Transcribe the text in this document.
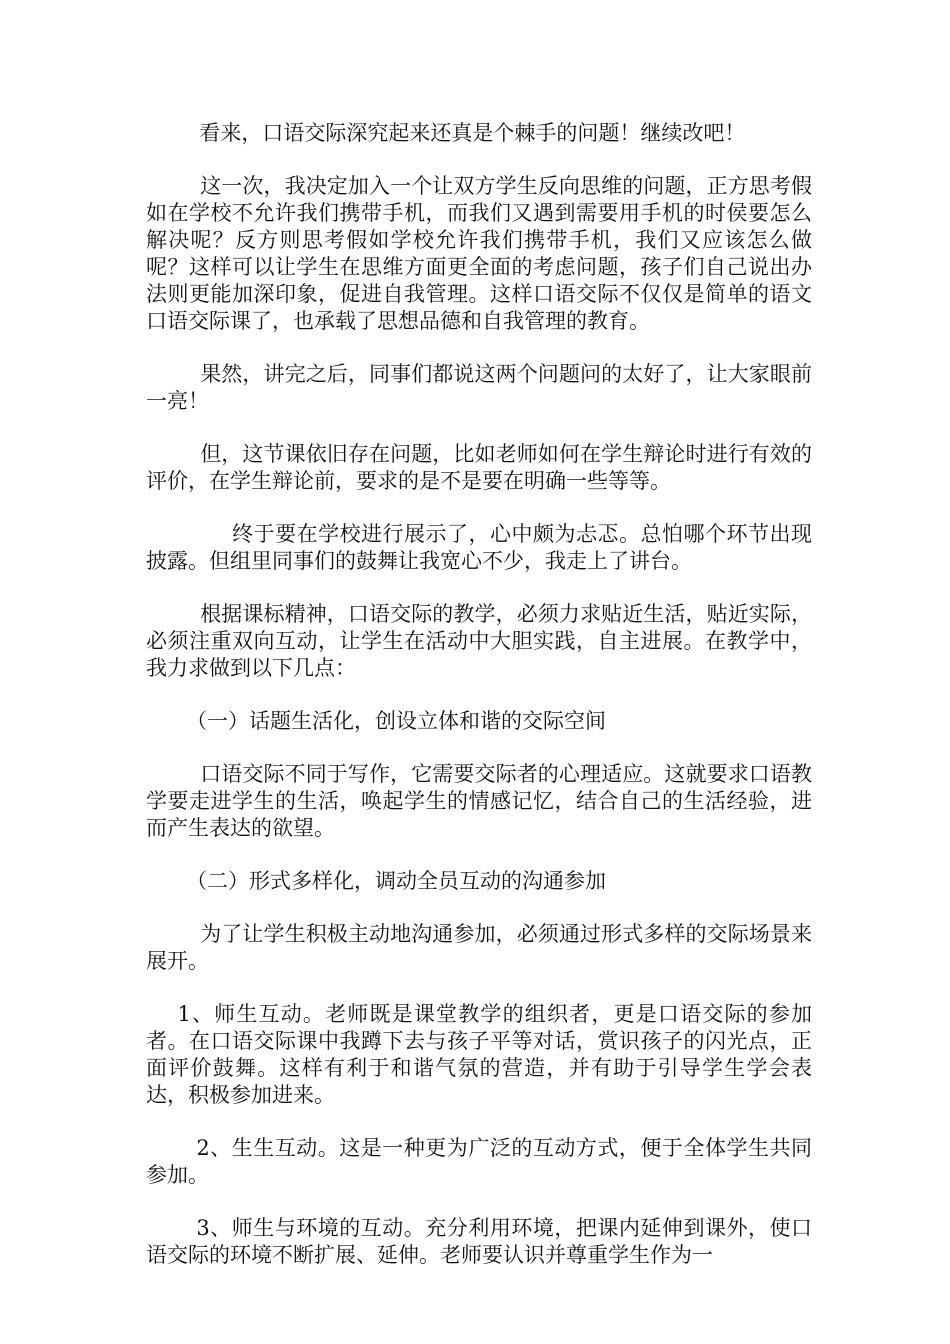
看来，口语交际深究起来还真是个棘手的问题！继续改吧！

这一次，我决定加入一个让双方学生反向思维的问题，正方思考假如在学校不允许我们携带手机，而我们又遇到需要用手机的时侯要怎么解决呢？反方则思考假如学校允许我们携带手机，我们又应该怎么做呢？这样可以让学生在思维方面更全面的考虑问题，孩子们自己说出办法则更能加深印象，促进自我管理。这样口语交际不仅仅是简单的语文口语交际课了，也承载了思想品德和自我管理的教育。

果然，讲完之后，同事们都说这两个问题问的太好了，让大家眼前一亮！

但，这节课依旧存在问题，比如老师如何在学生辩论时进行有效的评价，在学生辩论前，要求的是不是要在明确一些等等。

终于要在学校进行展示了，心中颇为忐忑。总怕哪个环节出现披露。但组里同事们的鼓舞让我宽心不少，我走上了讲台。

根据课标精神，口语交际的教学，必须力求贴近生活，贴近实际，必须注重双向互动，让学生在活动中大胆实践，自主进展。在教学中，我力求做到以下几点：

（一）话题生活化，创设立体和谐的交际空间

口语交际不同于写作，它需要交际者的心理适应。这就要求口语教学要走进学生的生活，唤起学生的情感记忆，结合自己的生活经验，进而产生表达的欲望。

（二）形式多样化，调动全员互动的沟通参加

为了让学生积极主动地沟通参加，必须通过形式多样的交际场景来展开。

1、师生互动。老师既是课堂教学的组织者，更是口语交际的参加者。在口语交际课中我蹲下去与孩子平等对话，赏识孩子的闪光点，正面评价鼓舞。这样有利于和谐气氛的营造，并有助于引导学生学会表达，积极参加进来。

2、生生互动。这是一种更为广泛的互动方式，便于全体学生共同参加。

3、师生与环境的互动。充分利用环境，把课内延伸到课外，使口语交际的环境不断扩展、延伸。老师要认识并尊重学生作为一
